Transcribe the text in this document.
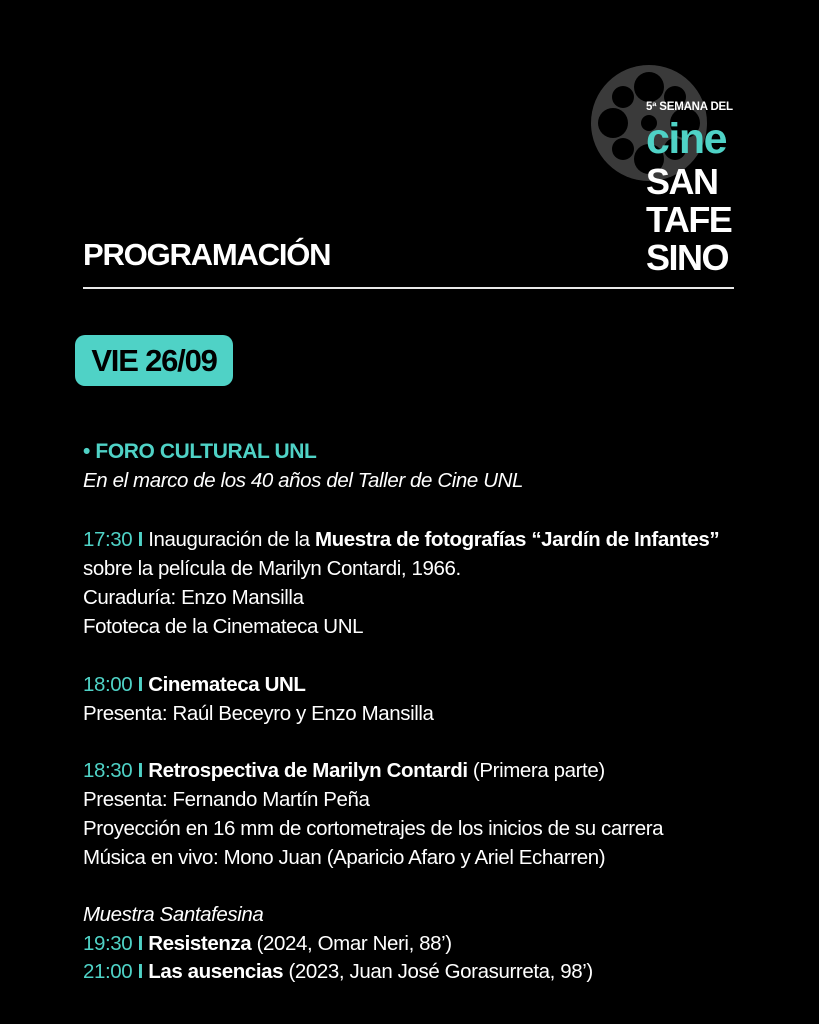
5ª SEMANA DEL
cine
SAN
TAFE
SINO
PROGRAMACIÓN
VIE 26/09
• FORO CULTURAL UNL
En el marco de los 40 años del Taller de Cine UNL
17:30 I Inauguración de la Muestra de fotografías “Jardín de Infantes”
sobre la película de Marilyn Contardi, 1966.
Curaduría: Enzo Mansilla
Fototeca de la Cinemateca UNL
18:00 I Cinemateca UNL
Presenta: Raúl Beceyro y Enzo Mansilla
18:30 I Retrospectiva de Marilyn Contardi (Primera parte)
Presenta: Fernando Martín Peña
Proyección en 16 mm de cortometrajes de los inicios de su carrera
Música en vivo: Mono Juan (Aparicio Afaro y Ariel Echarren)
Muestra Santafesina
19:30 I Resistenza (2024, Omar Neri, 88’)
21:00 I Las ausencias (2023, Juan José Gorasurreta, 98’)
